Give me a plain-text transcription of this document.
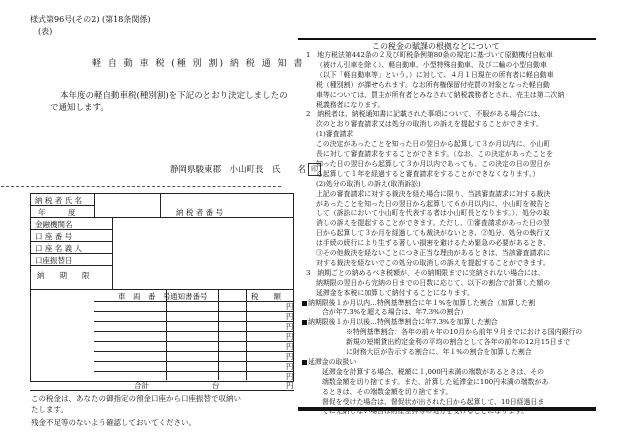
様式第96号(その2) (第18条関係)
(表)
軽 自 動 車 税 (種 別 割) 納 税 通 知 書
本年度の軽自動車税(種別割)を下記のとおり決定しましたの
で通知します。
静岡県駿東郡　小山町長　氏　　名 印
納 税 者 氏 名
年　　　度	納 税 者 番 号
金融機関名
口 座 番 号
口 座 名 義 人
口座振替日
納　　期　　限
車　両　番　号 通知書番号	税　　額
円
円
円
円
円
円
円
円
合計	台	円
この税金は、あなたの御指定の預金口座から口座振替で収納い
たします。
残金不足等のないよう確認しておいてください。
この税金の賦課の根拠などについて
1　地方税法第442条の２及び町税条例第80条の規定に基づいて原動機付自転車
（被けん引車を除く）、軽自動車、小型特殊自動車、及び二輪の小型自動車
（以下「軽自動車等」という。）に対して、４月１日現在の所有者に軽自動車
税（種別割）が課せられます。なお所有権保留付売買の対象となった軽自動
車等については、買主が所有者とみなされて納税義務者とされ、売主は第二次納
税義務者になります。
2　納税者は、納税通知書に記載された事項について、不服がある場合には、
次のとおり審査請求又は処分の取消しの訴えを提起することができます。
(1)審査請求
この決定があったことを知った日の翌日から起算して３か月以内に、小山町
長に対して審査請求をすることができます。（なお、この決定があったことを
知った日の翌日から起算して３か月以内であっても、この決定の日の翌日か
ら起算して１年を経過すると審査請求をすることができなくなります。）
(2)処分の取消しの訴え(取消訴訟)
上記の審査請求に対する裁決を経た場合に限り、当該審査請求に対する裁決
があったことを知った日の翌日から起算して６か月以内に、小山町を被告と
して（訴訟において小山町を代表する者は小山町長となります。）、処分の取
消しの訴えを提起することができます。ただし、①審査請求があった日の翌
日から起算して３か月を経過しても裁決がないとき、②処分、処分の執行又
は手続の続行により生ずる著しい損害を避けるため緊急の必要があるとき、
③その他裁決を経ないことにつき正当な理由があるときは、当該審査請求に
対する裁決を経ないでこの処分の取消しの訴えを提起することができます。
3　納期ごとの納めるべき税額が、その納期限までに完納されない場合には、
納期限の翌日から完納の日までの日数に応じて、以下の割合で計算した額の
延滞金を本税に加算して納付することになります。
納期限後１か月以内…特例基準割合に年１%を加算した割合（加算した割
合が年7.3%を超える場合は、年7.3%の割合）
納期限後１か月以後…特例基準割合に年7.3%を加算した割合
※特例基準割合：各年の前々年の10月から前年９月までにおける国内銀行の
新規の短期貸出約定金利の平均の割合として各年の前年の12月15日まで
に財務大臣が告示する割合に、年１%の割合を加算した割合
延滞金の取扱い
延滞金を計算する場合、税額に１,000円未満の端数があるときは、その
端数金額を切り捨てます。また、計算した延滞金に100円未満の端数があ
るときは、その端数金額を切り捨てます。
督促を受けた場合は、督促状が出された日から起算して、10日経過日ま
でに完納しない場合は財産差押等の処分を受けることになります。
